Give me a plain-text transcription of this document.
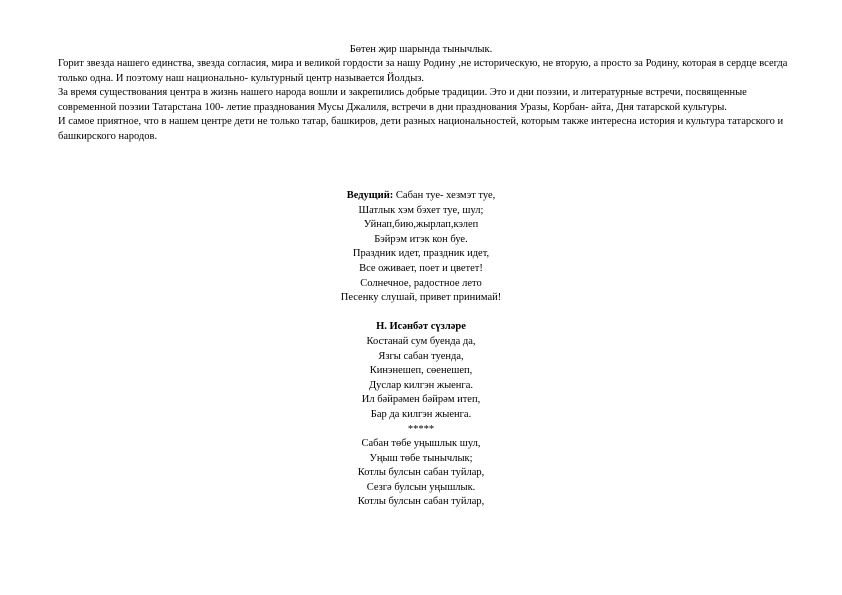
Бөтен җир шарында тынычлык.

Горит звезда нашего единства, звезда согласия, мира и великой гордости за нашу Родину ,не историческую, не вторую, а просто за Родину, которая в сердце всегда только одна. И поэтому наш национально- культурный центр называется Йолдыз.

За время существования центра в жизнь нашего народа вошли и закрепились добрые традиции. Это и дни поэзии, и литературные встречи, посвященные современной поэзии Татарстана 100- летие празднования Мусы Джалиля, встречи в дни празднования Уразы, Корбан- айта, Дня татарской культуры.

И самое приятное, что в нашем центре дети не только татар, башкиров, дети разных национальностей, которым также интересна история и культура татарского и башкирского народов.

Ведущий: Сабан туе- хезмэт туе,

Шатлык хэм бэхет туе, шул;

Уйнап,бию,жырлап,кэлеп

Бэйрэм итэк кон буе.

Праздник идет, праздник идет,

Все оживает, поет и цветет!

Солнечное, радостное лето

Песенку слушай, привет принимай!

Н. Исәнбәт сүзләре

Костанай сум буенда да,

Язгы сабан туенда,

Кинэнешеп, сөенешеп,

Дуслар килгэн жыенга.

Ил бәйрәмен бәйрәм итеп,

Бар да килгэн жыенга.

*****

Сабан төбе уңышлык шул,

Уңыш төбе тынычлык;

Котлы булсын сабан туйлар,

Сезгә булсын уңышлык.

Котлы булсын сабан туйлар,
